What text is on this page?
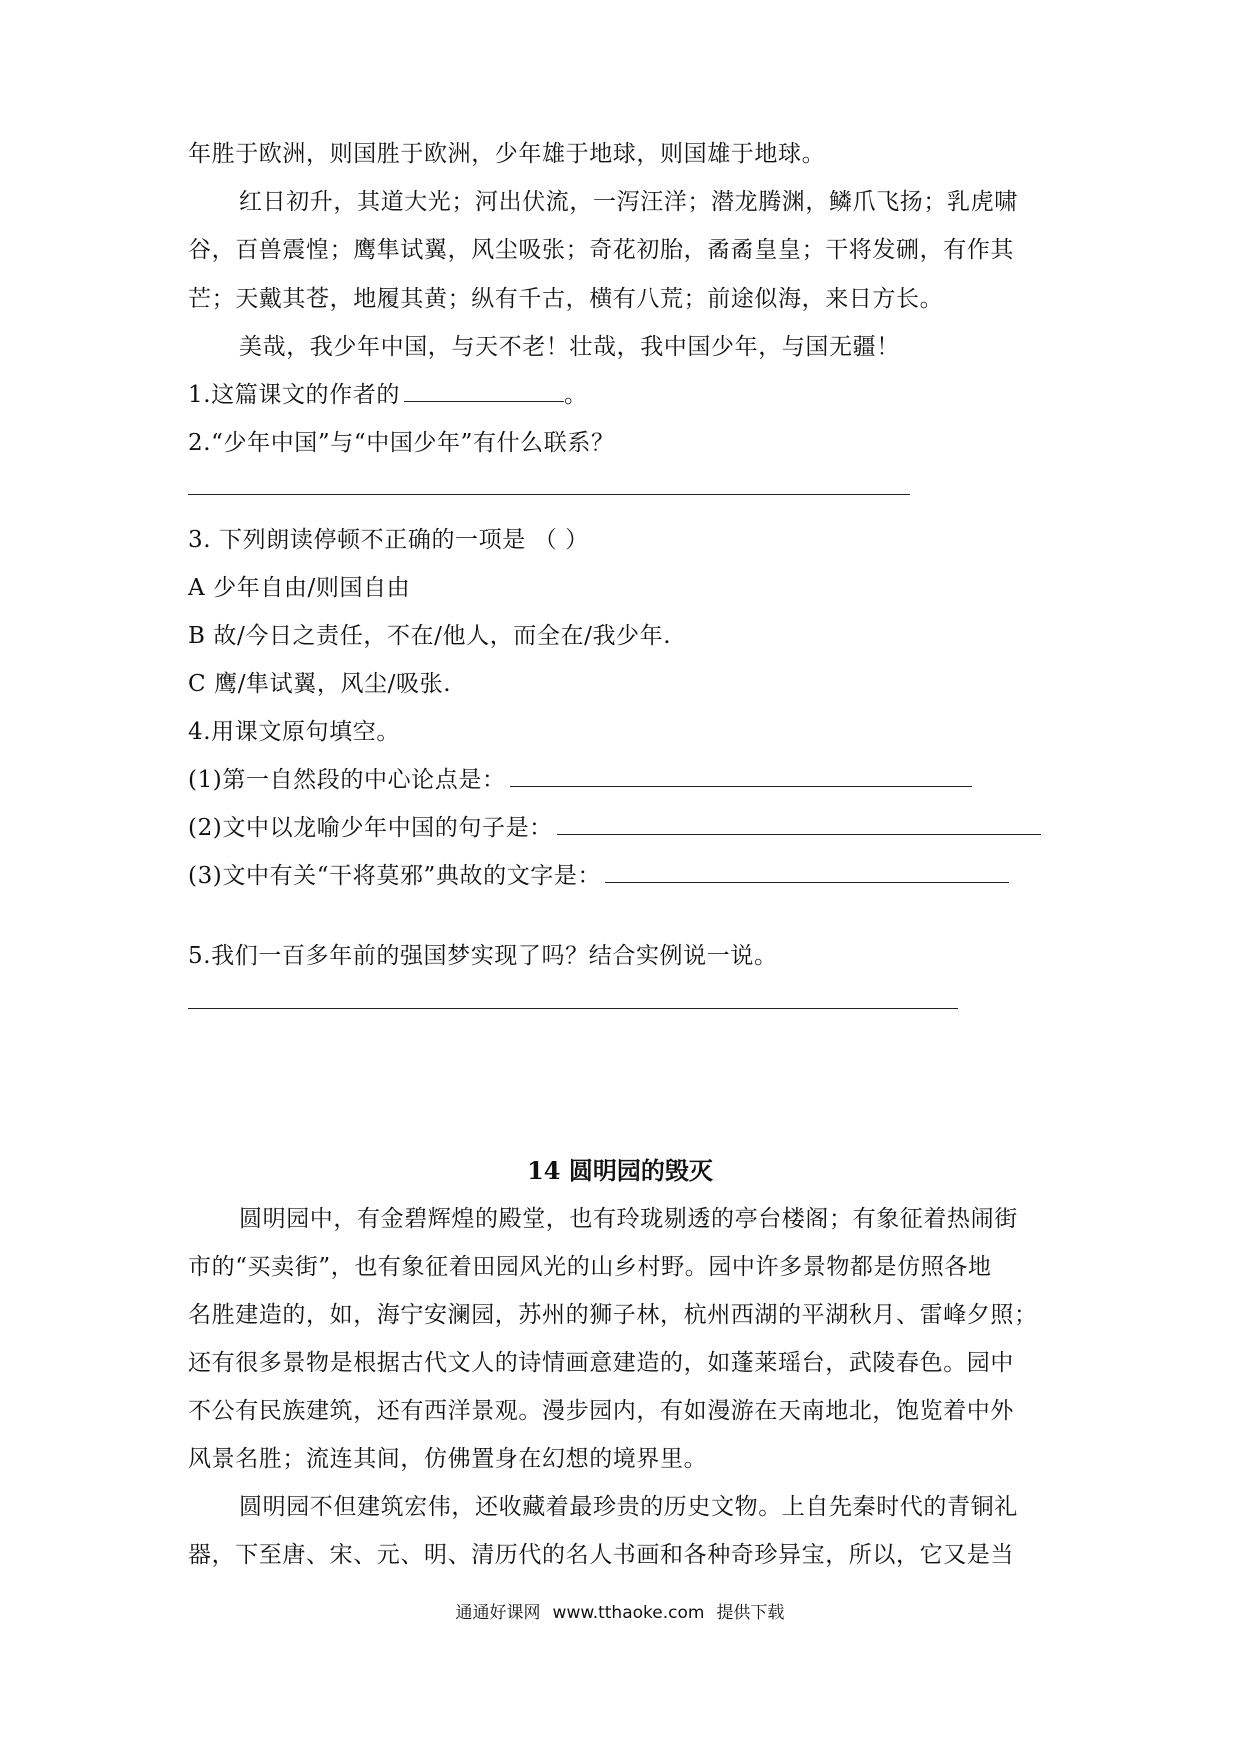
年胜于欧洲，则国胜于欧洲，少年雄于地球，则国雄于地球。
红日初升，其道大光；河出伏流，一泻汪洋；潜龙腾渊，鳞爪飞扬；乳虎啸
谷，百兽震惶；鹰隼试翼，风尘吸张；奇花初胎，矞矞皇皇；干将发硎，有作其
芒；天戴其苍，地履其黄；纵有千古，横有八荒；前途似海，来日方长。
美哉，我少年中国，与天不老！壮哉，我中国少年，与国无疆！
1.这篇课文的作者的	。
2.“少年中国”与“中国少年”有什么联系？
3. 下列朗读停顿不正确的一项是 （ ）
A 少年自由/则国自由
B 故/今日之责任，不在/他人，而全在/我少年.
C 鹰/隼试翼，风尘/吸张.
4.用课文原句填空。
(1)第一自然段的中心论点是：
(2)文中以龙喻少年中国的句子是：
(3)文中有关“干将莫邪”典故的文字是：
5.我们一百多年前的强国梦实现了吗？结合实例说一说。
14 圆明园的毁灭
圆明园中，有金碧辉煌的殿堂，也有玲珑剔透的亭台楼阁；有象征着热闹街
市的“买卖街”，也有象征着田园风光的山乡村野。园中许多景物都是仿照各地
名胜建造的，如，海宁安澜园，苏州的狮子林，杭州西湖的平湖秋月、雷峰夕照；
还有很多景物是根据古代文人的诗情画意建造的，如蓬莱瑶台，武陵春色。园中
不公有民族建筑，还有西洋景观。漫步园内，有如漫游在天南地北，饱览着中外
风景名胜；流连其间，仿佛置身在幻想的境界里。
圆明园不但建筑宏伟，还收藏着最珍贵的历史文物。上自先秦时代的青铜礼
器，下至唐、宋、元、明、清历代的名人书画和各种奇珍异宝，所以，它又是当
通通好课网 www.tthaoke.com 提供下载
